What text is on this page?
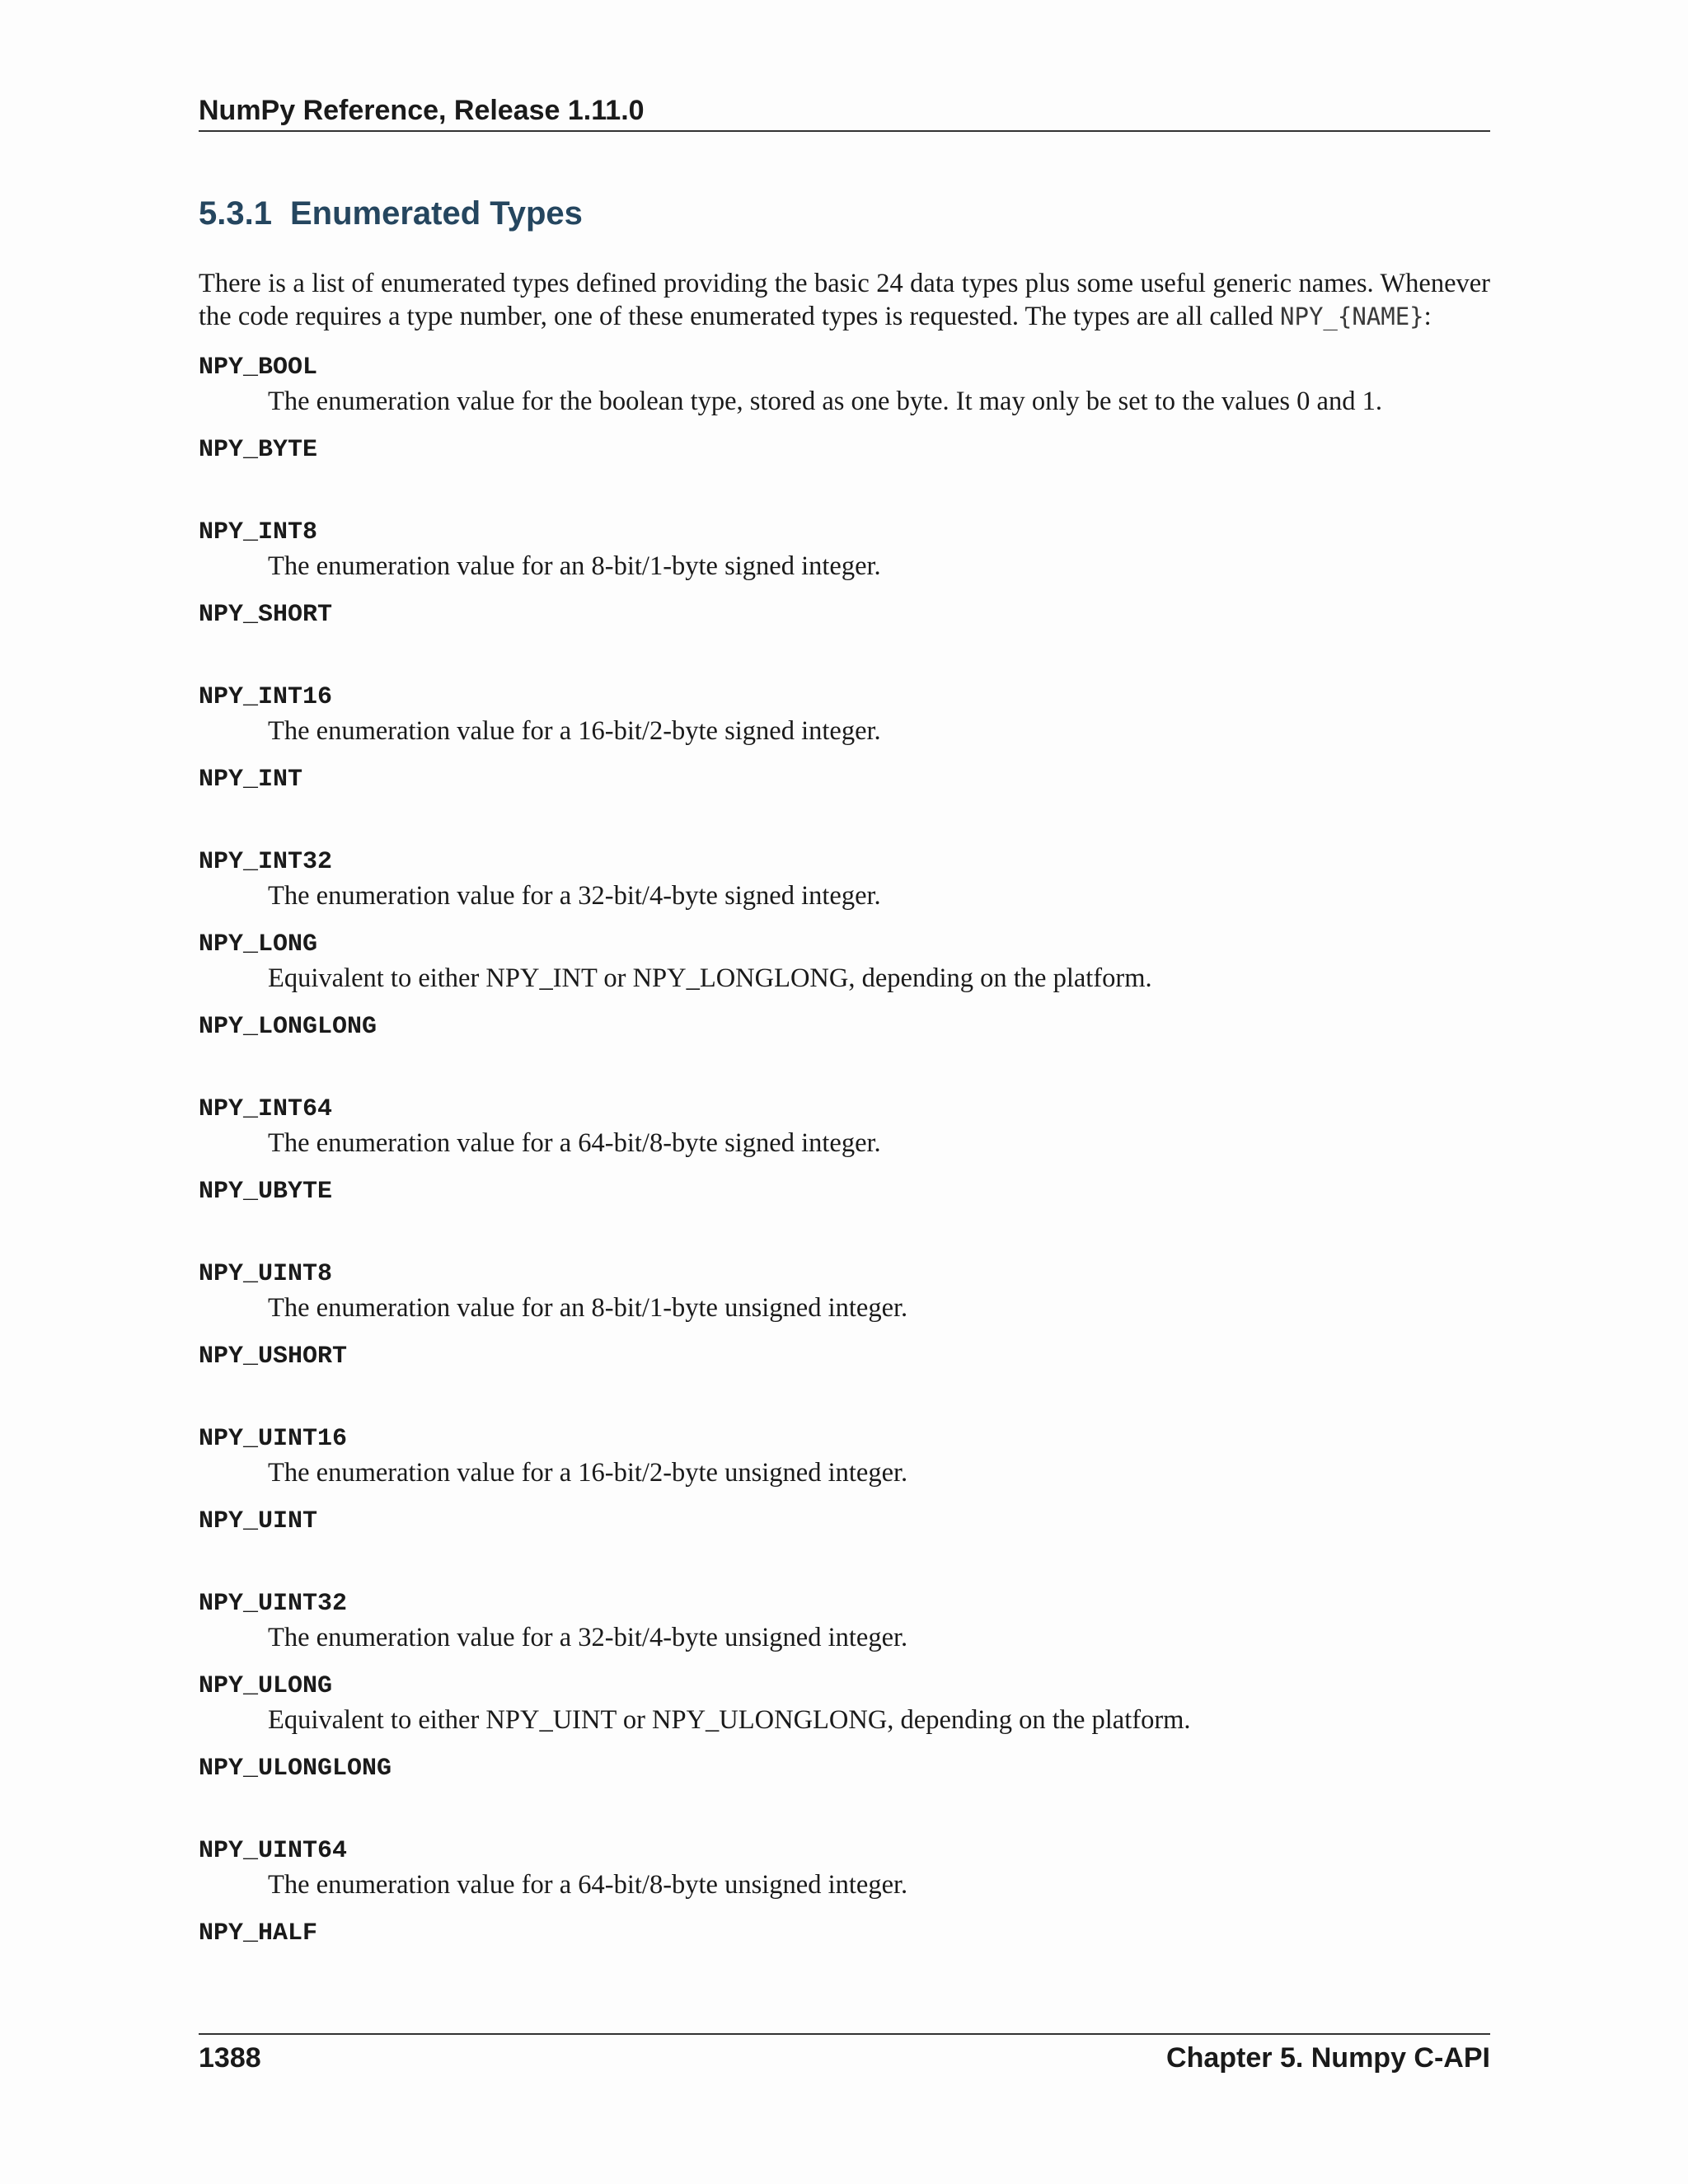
NumPy Reference, Release 1.11.0
5.3.1 Enumerated Types
There is a list of enumerated types defined providing the basic 24 data types plus some useful generic names. Whenever the code requires a type number, one of these enumerated types is requested. The types are all called NPY_{NAME}:
NPY_BOOL
The enumeration value for the boolean type, stored as one byte. It may only be set to the values 0 and 1.
NPY_BYTE
NPY_INT8
The enumeration value for an 8-bit/1-byte signed integer.
NPY_SHORT
NPY_INT16
The enumeration value for a 16-bit/2-byte signed integer.
NPY_INT
NPY_INT32
The enumeration value for a 32-bit/4-byte signed integer.
NPY_LONG
Equivalent to either NPY_INT or NPY_LONGLONG, depending on the platform.
NPY_LONGLONG
NPY_INT64
The enumeration value for a 64-bit/8-byte signed integer.
NPY_UBYTE
NPY_UINT8
The enumeration value for an 8-bit/1-byte unsigned integer.
NPY_USHORT
NPY_UINT16
The enumeration value for a 16-bit/2-byte unsigned integer.
NPY_UINT
NPY_UINT32
The enumeration value for a 32-bit/4-byte unsigned integer.
NPY_ULONG
Equivalent to either NPY_UINT or NPY_ULONGLONG, depending on the platform.
NPY_ULONGLONG
NPY_UINT64
The enumeration value for a 64-bit/8-byte unsigned integer.
NPY_HALF
1388	Chapter 5. Numpy C-API
